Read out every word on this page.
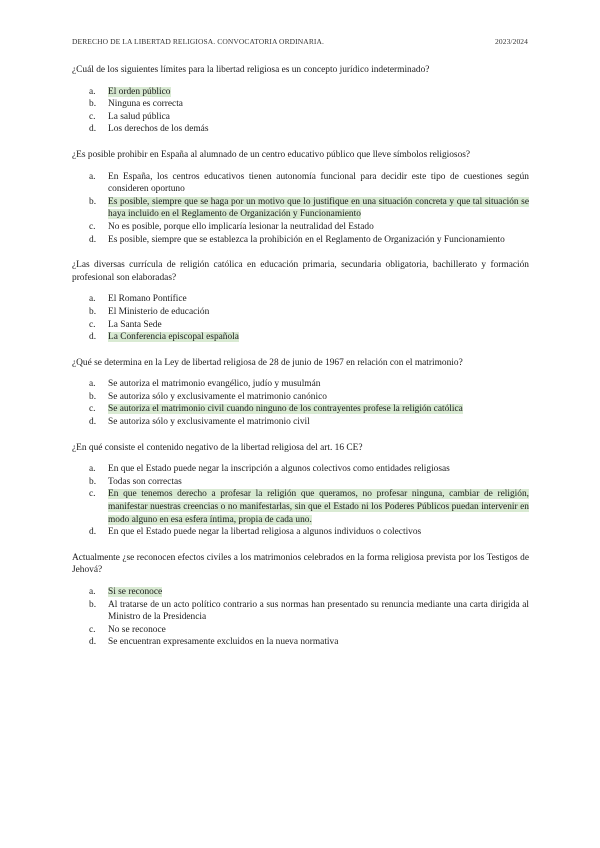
DERECHO DE LA LIBERTAD RELIGIOSA. CONVOCATORIA ORDINARIA.	2023/2024

¿Cuál de los siguientes límites para la libertad religiosa es un concepto jurídico indeterminado?

a. El orden público
b. Ninguna es correcta
c. La salud pública
d. Los derechos de los demás

¿Es posible prohibir en España al alumnado de un centro educativo público que lleve símbolos religiosos?

a. En España, los centros educativos tienen autonomía funcional para decidir este tipo de cuestiones según consideren oportuno
b. Es posible, siempre que se haga por un motivo que lo justifique en una situación concreta y que tal situación se haya incluido en el Reglamento de Organización y Funcionamiento
c. No es posible, porque ello implicaría lesionar la neutralidad del Estado
d. Es posible, siempre que se establezca la prohibición en el Reglamento de Organización y Funcionamiento

¿Las diversas currícula de religión católica en educación primaria, secundaria obligatoria, bachillerato y formación profesional son elaboradas?

a. El Romano Pontífice
b. El Ministerio de educación
c. La Santa Sede
d. La Conferencia episcopal española

¿Qué se determina en la Ley de libertad religiosa de 28 de junio de 1967 en relación con el matrimonio?

a. Se autoriza el matrimonio evangélico, judío y musulmán
b. Se autoriza sólo y exclusivamente el matrimonio canónico
c. Se autoriza el matrimonio civil cuando ninguno de los contrayentes profese la religión católica
d. Se autoriza sólo y exclusivamente el matrimonio civil

¿En qué consiste el contenido negativo de la libertad religiosa del art. 16 CE?

a. En que el Estado puede negar la inscripción a algunos colectivos como entidades religiosas
b. Todas son correctas
c. En que tenemos derecho a profesar la religión que queramos, no profesar ninguna, cambiar de religión, manifestar nuestras creencias o no manifestarlas, sin que el Estado ni los Poderes Públicos puedan intervenir en modo alguno en esa esfera íntima, propia de cada uno.
d. En que el Estado puede negar la libertad religiosa a algunos individuos o colectivos

Actualmente ¿se reconocen efectos civiles a los matrimonios celebrados en la forma religiosa prevista por los Testigos de Jehová?

a. Si se reconoce
b. Al tratarse de un acto político contrario a sus normas han presentado su renuncia mediante una carta dirigida al Ministro de la Presidencia
c. No se reconoce
d. Se encuentran expresamente excluidos en la nueva normativa
